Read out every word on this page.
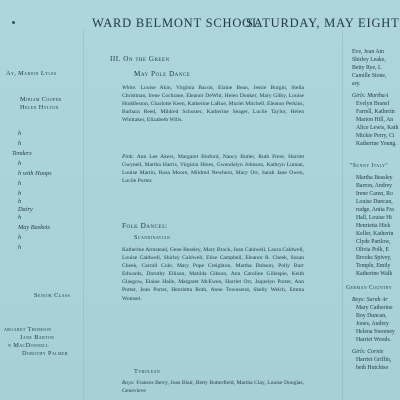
WARD BELMONT SCHOOL
SATURDAY, MAY EIGHT
Ay, Marion Lyles
Miriam Cooper
Helen Hylton
h
h
Tenders
h
h with Hoops
h
h
h
Dairy
h
May Baskets
h
h
Senior Class
argaret Thomson
Jane Barton
n MacDonnell
Dorothy Palmer
III. On the Green
May Pole Dance
White. Louise Akin, Virginia Bacon, Elaine Bean, Jessie Burgin, Stella Christman, Irene Cochrane, Eleanor DeWitt, Helen Donker, Mary Gilby, Louise Huddleston, Charlotte Keen, Katherine LaRue, Muriel Mitchell, Eleanor Perkins, Barbara Reed, Mildred Schuster, Katherine Seager, Lucile Taylor, Helen Whittaker, Elizabeth Wills.
Pink: Ann Lee Akers, Margaret Binford, Nancy Butler, Ruth Frere, Harriet Gwynell, Martha Harris, Virginia Hines, Gwendolyn Johnson, Kathryn Luman, Louise Martin, Rosa Moore, Mildred Newhern, Mary Orr, Sarah Jane Owen, Lucile Porter.
Folk Dances:
Scandinavian
Katherine Armstead, Gene Beasley, Mary Brock, Jean Caldwell, Laura Caldwell, Louise Caldwell, Shirley Caldwell, Elise Campbell, Eleanor R. Cheek, Susan Cheek, Carroll Cole, Mary Pope Creighton, Martha Dobson, Polly Burr Edwards, Dorothy Ellison, Matilda Gibson, Ann Caroline Gillespie, Keith Glasgow, Elaine Haile, Margaret McEwen, Harriet Orr, Jaquelyn Porter, Ann Porter, Jean Porter, Henrietta Roth, Anne Townsend, Shelly Welch, Emma Womsel.
Tyrolean
Boys: Frances Berry, Jean Blair, Betty Butterfield, Martha Clay, Louise Douglas, Genevieve
Eve, Jean Am
Shirley Leake,
Betty Rye, L
Camille Stone,
ary.
Girls: MarthaA
Evelyn Bransf
Farrell, Katherin
Marion Hill, An
Alice Lewis, Kath
Mickie Perry, Ci
Katherine Young.
"Sunny Italy"
Martha Beasley
Barron, Andrey
Irene Caren, Ro
Louise Duncan,
rudge, Anita Fra
Hall, Louise Hi
Henrietta Hick
Keller, Katherin
Clyde Partlow,
Olivia Polk, E
Brooks Spivey,
Temple, Emily
Katherine Walk
German Country
Boys: Sarah Ar
Mary Catherine
Boy Duncan,
Jones, Audrey
Helena Sweeney
Harriet Woods.
Girls: Cornie
Harriet Griffin,
beth Hutchiso
